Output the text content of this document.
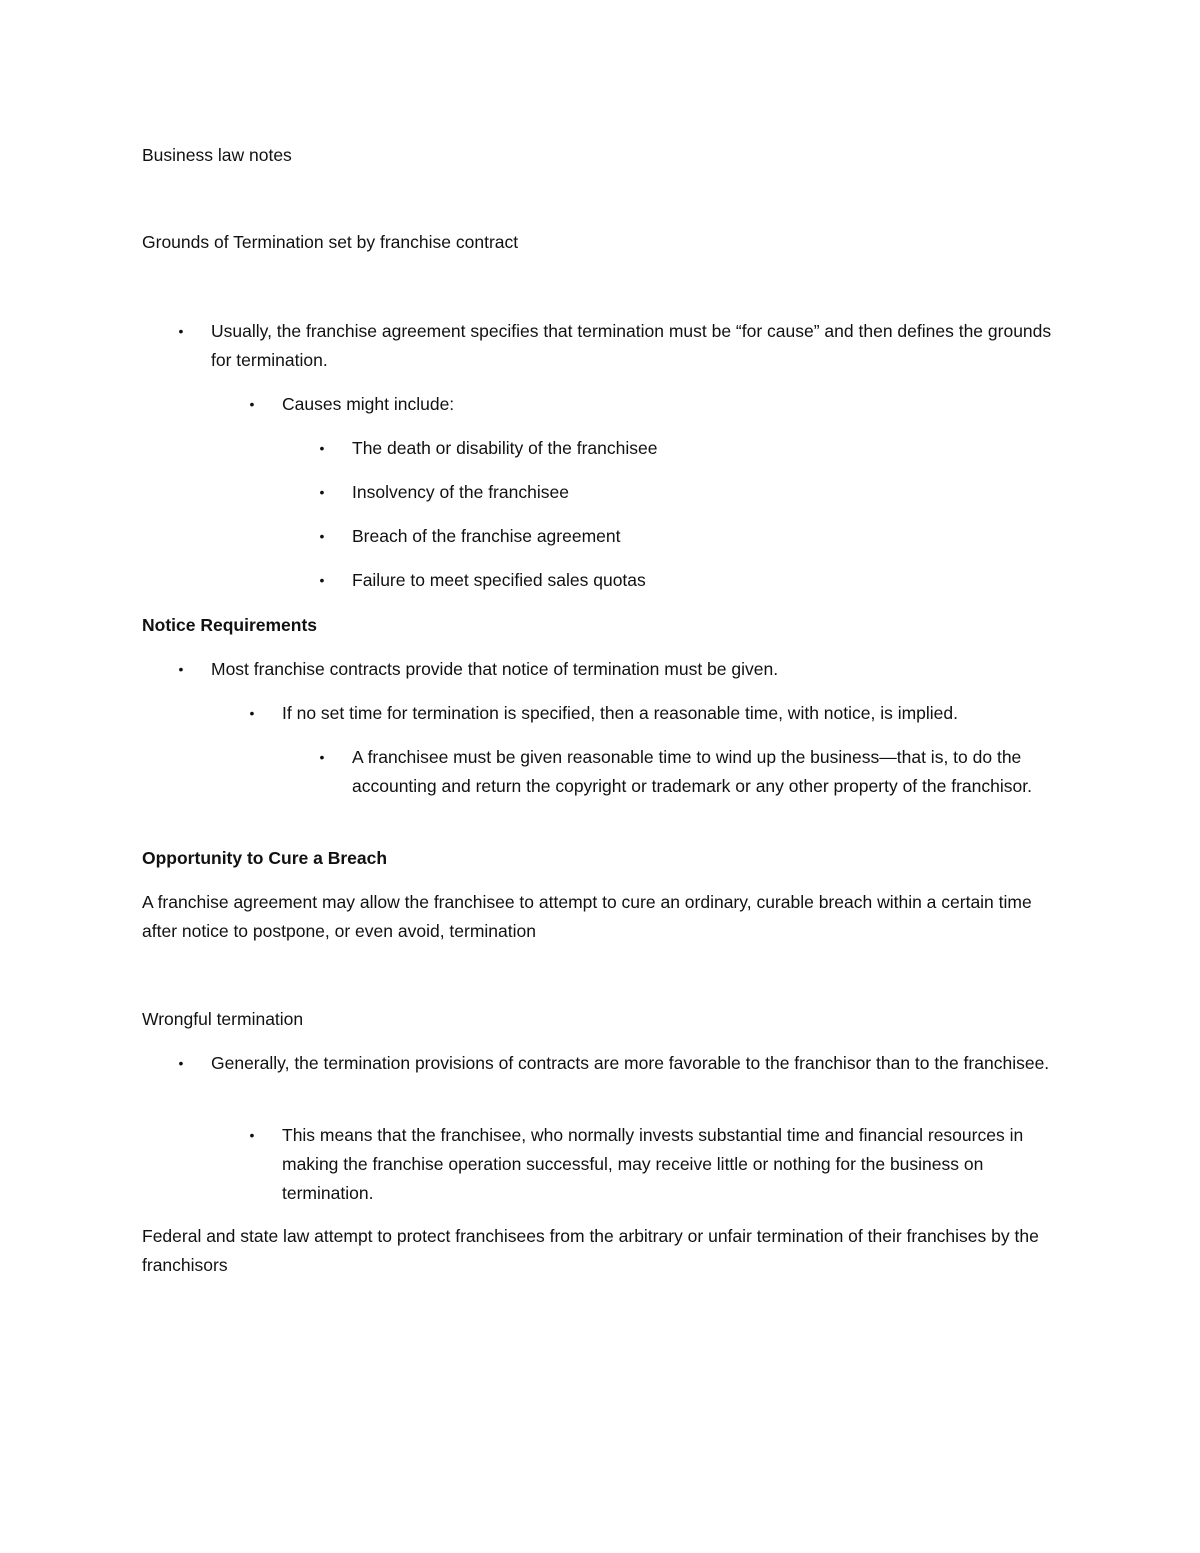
Business law notes

Grounds of Termination set by franchise contract

• Usually, the franchise agreement specifies that termination must be “for cause” and then defines the grounds for termination.
• Causes might include:
• The death or disability of the franchisee
• Insolvency of the franchisee
• Breach of the franchise agreement
• Failure to meet specified sales quotas

Notice Requirements

• Most franchise contracts provide that notice of termination must be given.
• If no set time for termination is specified, then a reasonable time, with notice, is implied.
• A franchisee must be given reasonable time to wind up the business—that is, to do the accounting and return the copyright or trademark or any other property of the franchisor.

Opportunity to Cure a Breach

A franchise agreement may allow the franchisee to attempt to cure an ordinary, curable breach within a certain time after notice to postpone, or even avoid, termination

Wrongful termination

• Generally, the termination provisions of contracts are more favorable to the franchisor than to the franchisee.
• This means that the franchisee, who normally invests substantial time and financial resources in making the franchise operation successful, may receive little or nothing for the business on termination.

Federal and state law attempt to protect franchisees from the arbitrary or unfair termination of their franchises by the franchisors
